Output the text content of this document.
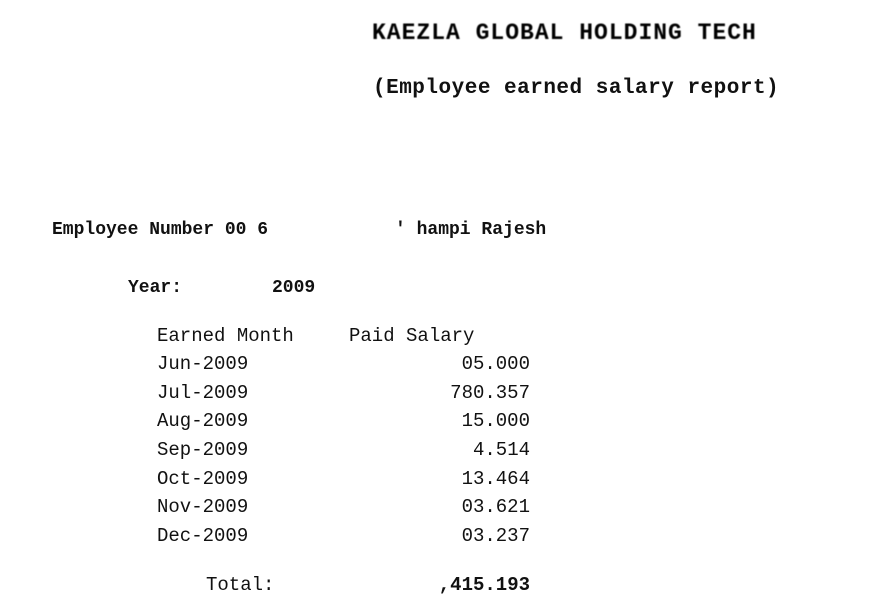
KAEZLA GLOBAL HOLDING TECH
(Employee earned salary report)
Employee Number 00 6	' hampi Rajesh
Year:	2009
Earned Month	Paid Salary
Jun-2009	05.000
Jul-2009	780.357
Aug-2009	15.000
Sep-2009	4.514
Oct-2009	13.464
Nov-2009	03.621
Dec-2009	03.237
Total:	,415.193
